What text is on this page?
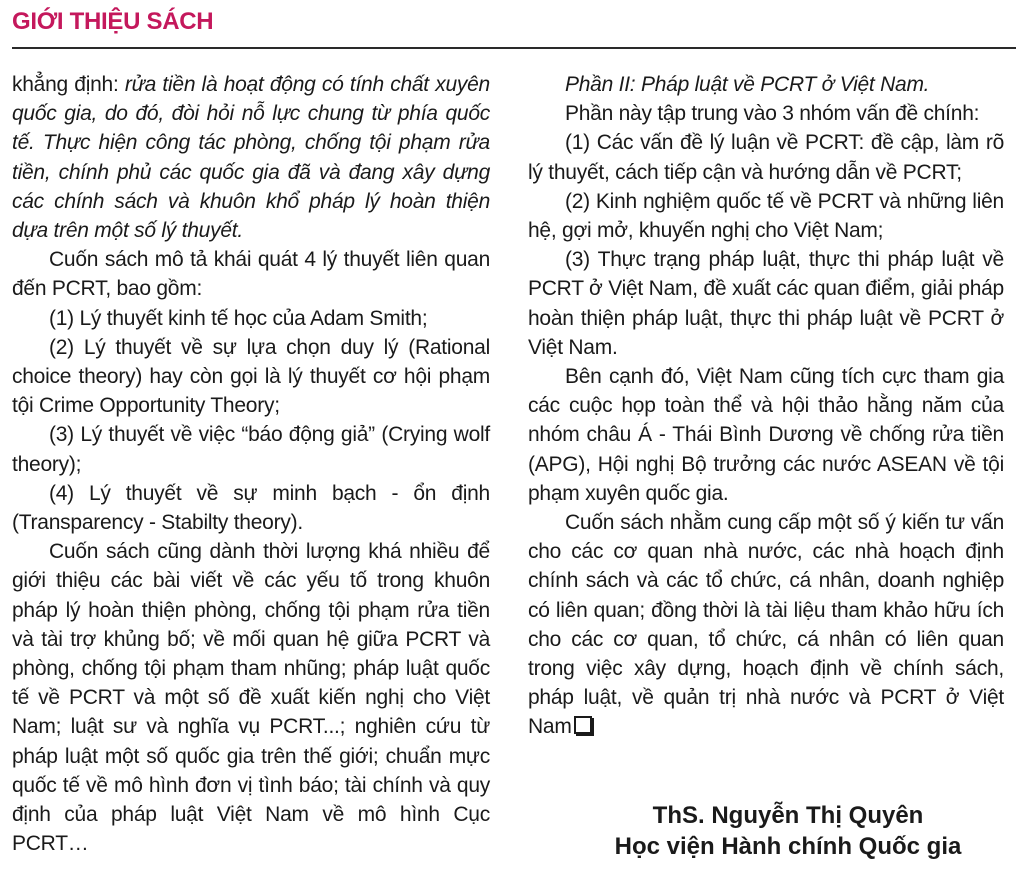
GIỚI THIỆU SÁCH

khẳng định: rửa tiền là hoạt động có tính chất xuyên quốc gia, do đó, đòi hỏi nỗ lực chung từ phía quốc tế. Thực hiện công tác phòng, chống tội phạm rửa tiền, chính phủ các quốc gia đã và đang xây dựng các chính sách và khuôn khổ pháp lý hoàn thiện dựa trên một số lý thuyết.

Cuốn sách mô tả khái quát 4 lý thuyết liên quan đến PCRT, bao gồm:

(1) Lý thuyết kinh tế học của Adam Smith;

(2) Lý thuyết về sự lựa chọn duy lý (Rational choice theory) hay còn gọi là lý thuyết cơ hội phạm tội Crime Opportunity Theory;

(3) Lý thuyết về việc “báo động giả” (Crying wolf theory);

(4) Lý thuyết về sự minh bạch - ổn định (Transparency - Stabilty theory).

Cuốn sách cũng dành thời lượng khá nhiều để giới thiệu các bài viết về các yếu tố trong khuôn pháp lý hoàn thiện phòng, chống tội phạm rửa tiền và tài trợ khủng bố; về mối quan hệ giữa PCRT và phòng, chống tội phạm tham nhũng; pháp luật quốc tế về PCRT và một số đề xuất kiến nghị cho Việt Nam; luật sư và nghĩa vụ PCRT...; nghiên cứu từ pháp luật một số quốc gia trên thế giới; chuẩn mực quốc tế về mô hình đơn vị tình báo; tài chính và quy định của pháp luật Việt Nam về mô hình Cục PCRT…

Phần II: Pháp luật về PCRT ở Việt Nam.

Phần này tập trung vào 3 nhóm vấn đề chính:

(1) Các vấn đề lý luận về PCRT: đề cập, làm rõ lý thuyết, cách tiếp cận và hướng dẫn về PCRT;

(2) Kinh nghiệm quốc tế về PCRT và những liên hệ, gợi mở, khuyến nghị cho Việt Nam;

(3) Thực trạng pháp luật, thực thi pháp luật về PCRT ở Việt Nam, đề xuất các quan điểm, giải pháp hoàn thiện pháp luật, thực thi pháp luật về PCRT ở Việt Nam.

Bên cạnh đó, Việt Nam cũng tích cực tham gia các cuộc họp toàn thể và hội thảo hằng năm của nhóm châu Á - Thái Bình Dương về chống rửa tiền (APG), Hội nghị Bộ trưởng các nước ASEAN về tội phạm xuyên quốc gia.

Cuốn sách nhằm cung cấp một số ý kiến tư vấn cho các cơ quan nhà nước, các nhà hoạch định chính sách và các tổ chức, cá nhân, doanh nghiệp có liên quan; đồng thời là tài liệu tham khảo hữu ích cho các cơ quan, tổ chức, cá nhân có liên quan trong việc xây dựng, hoạch định về chính sách, pháp luật, về quản trị nhà nước và PCRT ở Việt Nam

ThS. Nguyễn Thị Quyên
Học viện Hành chính Quốc gia
